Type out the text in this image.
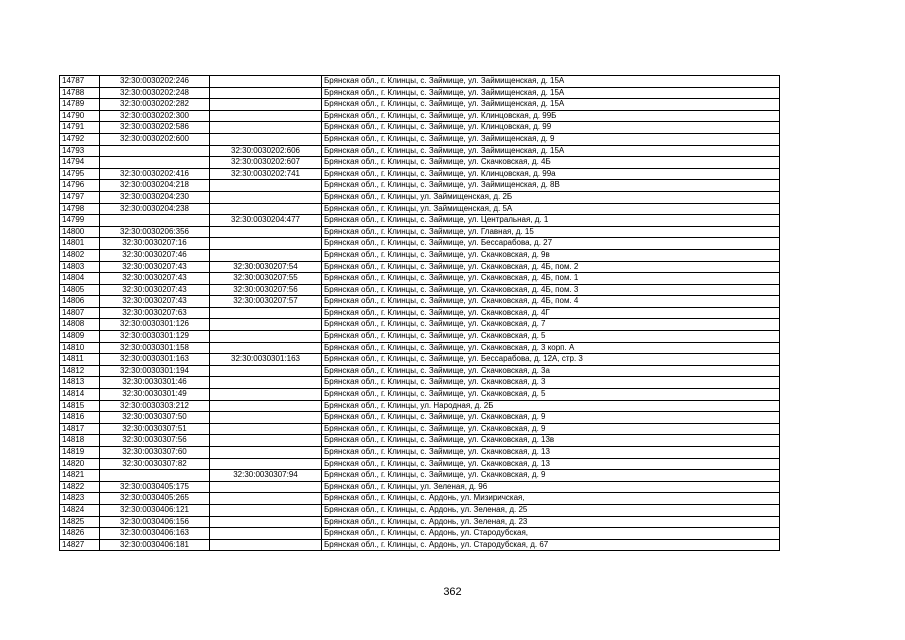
14787	32:30:0030202:246		Брянская обл., г. Клинцы, с. Займище, ул. Займищенская, д. 15А
14788	32:30:0030202:248		Брянская обл., г. Клинцы, с. Займище, ул. Займищенская, д. 15А
14789	32:30:0030202:282		Брянская обл., г. Клинцы, с. Займище, ул. Займищенская, д. 15А
14790	32:30:0030202:300		Брянская обл., г. Клинцы, с. Займище, ул. Клинцовская, д. 99Б
14791	32:30:0030202:586		Брянская обл., г. Клинцы, с. Займище, ул. Клинцовская, д. 99
14792	32:30:0030202:600		Брянская обл., г. Клинцы, с. Займище, ул. Займищенская, д. 9
14793		32:30:0030202:606	Брянская обл., г. Клинцы, с. Займище, ул. Займищенская, д. 15А
14794		32:30:0030202:607	Брянская обл., г. Клинцы, с. Займище, ул. Скачковская, д. 4Б
14795	32:30:0030202:416	32:30:0030202:741	Брянская обл., г. Клинцы, с. Займище, ул. Клинцовская, д. 99а
14796	32:30:0030204:218		Брянская обл., г. Клинцы, с. Займище, ул. Займищенская, д. 8В
14797	32:30:0030204:230		Брянская обл., г. Клинцы, ул. Займищенская, д. 2Б
14798	32:30:0030204:238		Брянская обл., г. Клинцы, ул. Займищенская, д. 5А
14799		32:30:0030204:477	Брянская обл., г. Клинцы, с. Займище, ул. Центральная, д. 1
14800	32:30:0030206:356		Брянская обл., г. Клинцы, с. Займище, ул. Главная, д. 15
14801	32:30:0030207:16		Брянская обл., г. Клинцы, с. Займище, ул. Бессарабова, д. 27
14802	32:30:0030207:46		Брянская обл., г. Клинцы, с. Займище, ул. Скачковская, д. 9в
14803	32:30:0030207:43	32:30:0030207:54	Брянская обл., г. Клинцы, с. Займище, ул. Скачковская, д. 4Б, пом. 2
14804	32:30:0030207:43	32:30:0030207:55	Брянская обл., г. Клинцы, с. Займище, ул. Скачковская, д. 4Б, пом. 1
14805	32:30:0030207:43	32:30:0030207:56	Брянская обл., г. Клинцы, с. Займище, ул. Скачковская, д. 4Б, пом. 3
14806	32:30:0030207:43	32:30:0030207:57	Брянская обл., г. Клинцы, с. Займище, ул. Скачковская, д. 4Б, пом. 4
14807	32:30:0030207:63		Брянская обл., г. Клинцы, с. Займище, ул. Скачковская, д. 4Г
14808	32:30:0030301:126		Брянская обл., г. Клинцы, с. Займище, ул. Скачковская, д. 7
14809	32:30:0030301:129		Брянская обл., г. Клинцы, с. Займище, ул. Скачковская, д. 5
14810	32:30:0030301:158		Брянская обл., г. Клинцы, с. Займище, ул. Скачковская, д. 3 корп. А
14811	32:30:0030301:163	32:30:0030301:163	Брянская обл., г. Клинцы, с. Займище, ул. Бессарабова, д. 12А, стр. 3
14812	32:30:0030301:194		Брянская обл., г. Клинцы, с. Займище, ул. Скачковская, д. 3а
14813	32:30:0030301:46		Брянская обл., г. Клинцы, с. Займище, ул. Скачковская, д. 3
14814	32:30:0030301:49		Брянская обл., г. Клинцы, с. Займище, ул. Скачковская, д. 5
14815	32:30:0030303:212		Брянская обл., г. Клинцы, ул. Народная, д. 2Б
14816	32:30:0030307:50		Брянская обл., г. Клинцы, с. Займище, ул. Скачковская, д. 9
14817	32:30:0030307:51		Брянская обл., г. Клинцы, с. Займище, ул. Скачковская, д. 9
14818	32:30:0030307:56		Брянская обл., г. Клинцы, с. Займище, ул. Скачковская, д. 13в
14819	32:30:0030307:60		Брянская обл., г. Клинцы, с. Займище, ул. Скачковская, д. 13
14820	32:30:0030307:82		Брянская обл., г. Клинцы, с. Займище, ул. Скачковская, д. 13
14821		32:30:0030307:94	Брянская обл., г. Клинцы, с. Займище, ул. Скачковская, д. 9
14822	32:30:0030405:175		Брянская обл., г. Клинцы, ул. Зеленая, д. 96
14823	32:30:0030405:265		Брянская обл., г. Клинцы, с. Ардонь, ул. Мизиричская,
14824	32:30:0030406:121		Брянская обл., г. Клинцы, с. Ардонь, ул. Зеленая, д. 25
14825	32:30:0030406:156		Брянская обл., г. Клинцы, с. Ардонь, ул. Зеленая, д. 23
14826	32:30:0030406:163		Брянская обл., г. Клинцы, с. Ардонь, ул. Стародубская,
14827	32:30:0030406:181		Брянская обл., г. Клинцы, с. Ардонь, ул. Стародубская, д. 67
362
